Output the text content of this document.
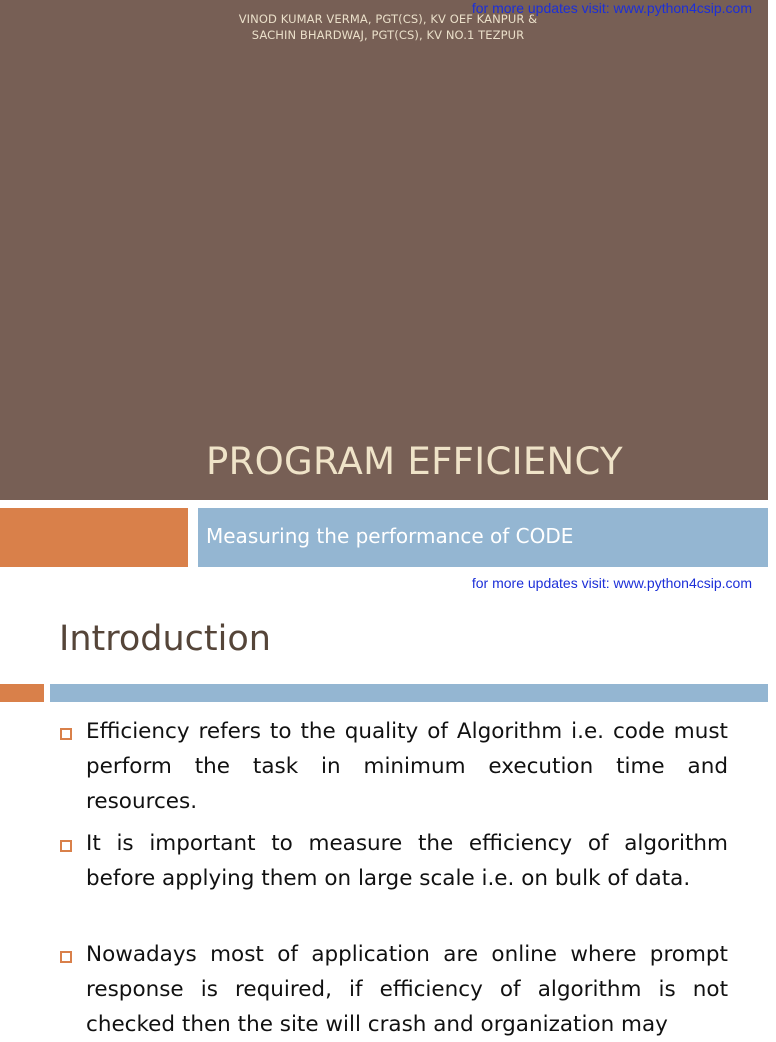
VINOD KUMAR VERMA, PGT(CS), KV OEF KANPUR &
SACHIN BHARDWAJ, PGT(CS), KV NO.1 TEZPUR
PROGRAM EFFICIENCY
Measuring the performance of CODE
for more updates visit: www.python4csip.com
for more updates visit: www.python4csip.com
Introduction
Efficiency refers to the quality of Algorithm i.e. code must perform the task in minimum execution time and resources.
It is important to measure the efficiency of algorithm before applying them on large scale i.e. on bulk of data.
Nowadays most of application are online where prompt response is required, if efficiency of algorithm is not checked then the site will crash and organization may
